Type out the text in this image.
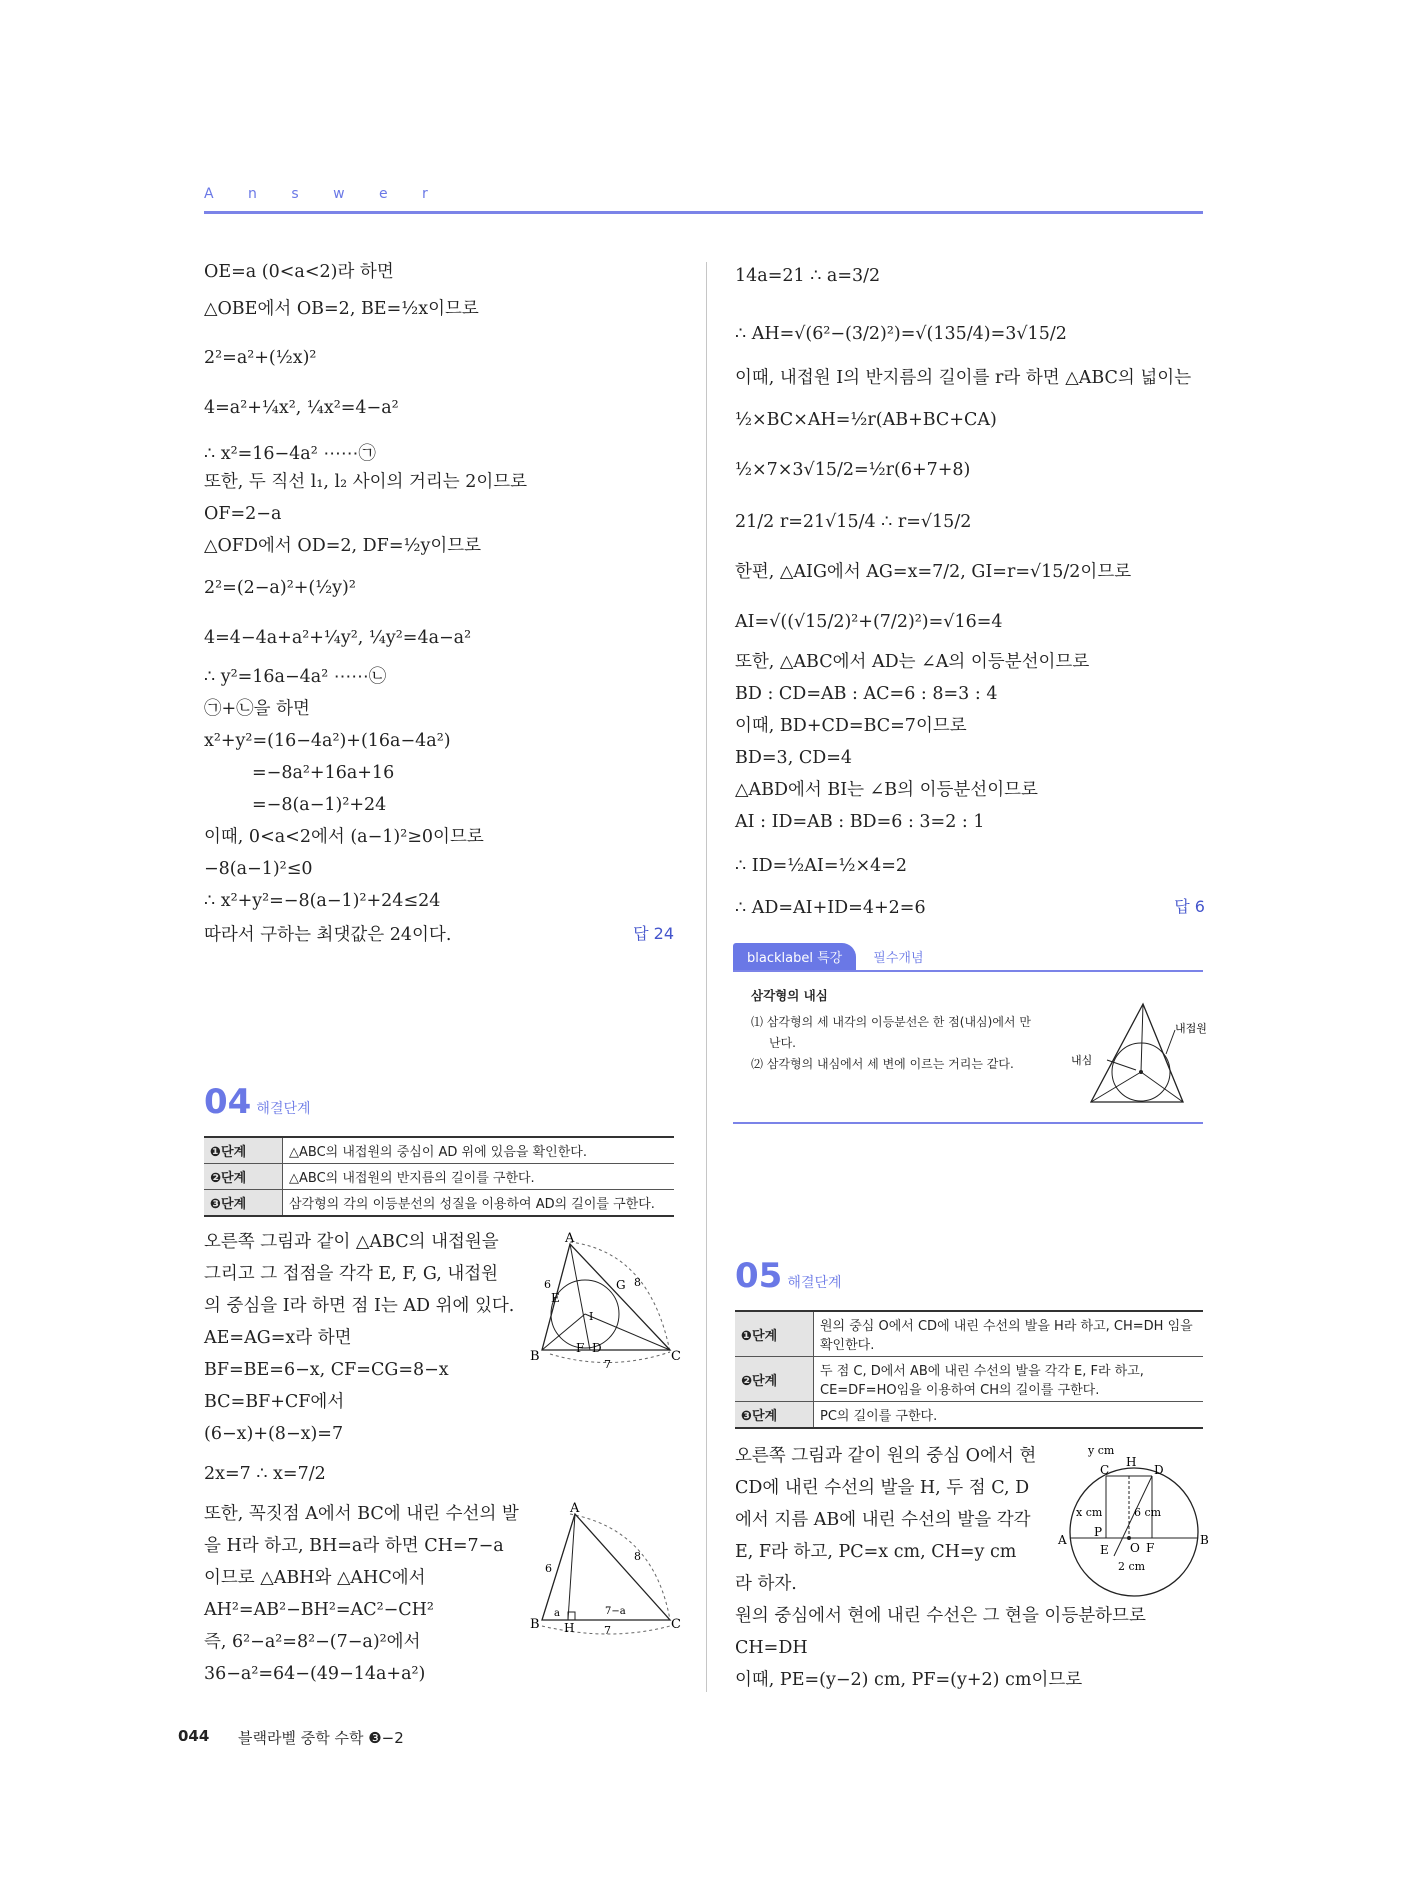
A n s w e r
OE=a (0<a<2)라 하면
△OBE에서 OB=2, BE=½x이므로
2²=a²+(½x)²
4=a²+¼x², ¼x²=4−a²
∴ x²=16−4a² ⋯⋯㉠
또한, 두 직선 l₁, l₂ 사이의 거리는 2이므로
OF=2−a
△OFD에서 OD=2, DF=½y이므로
2²=(2−a)²+(½y)²
4=4−4a+a²+¼y², ¼y²=4a−a²
∴ y²=16a−4a² ⋯⋯㉡
㉠+㉡을 하면
x²+y²=(16−4a²)+(16a−4a²)
=−8a²+16a+16
=−8(a−1)²+24
이때, 0<a<2에서 (a−1)²≥0이므로
−8(a−1)²≤0
∴ x²+y²=−8(a−1)²+24≤24
따라서 구하는 최댓값은 24이다.	답 24
04 해결단계
❶단계	△ABC의 내접원의 중심이 AD 위에 있음을 확인한다.
❷단계	△ABC의 내접원의 반지름의 길이를 구한다.
❸단계	삼각형의 각의 이등분선의 성질을 이용하여 AD의 길이를 구한다.
오른쪽 그림과 같이 △ABC의 내접원을
그리고 그 접점을 각각 E, F, G, 내접원
의 중심을 I라 하면 점 I는 AD 위에 있다.
AE=AG=x라 하면
BF=BE=6−x, CF=CG=8−x
BC=BF+CF에서
(6−x)+(8−x)=7
2x=7 ∴ x=7/2
또한, 꼭짓점 A에서 BC에 내린 수선의 발
을 H라 하고, BH=a라 하면 CH=7−a
이므로 △ABH와 △AHC에서
AH²=AB²−BH²=AC²−CH²
즉, 6²−a²=8²−(7−a)²에서
36−a²=64−(49−14a+a²)
A
B	C
E
F D
G
I
6	8
7
A
B	C
H
6
8
a	7−a
7
14a=21 ∴ a=3/2
∴ AH=√(6²−(3/2)²)=√(135/4)=3√15/2
이때, 내접원 I의 반지름의 길이를 r라 하면 △ABC의 넓이는
½×BC×AH=½r(AB+BC+CA)
½×7×3√15/2=½r(6+7+8)
21/2 r=21√15/4 ∴ r=√15/2
한편, △AIG에서 AG=x=7/2, GI=r=√15/2이므로
AI=√((√15/2)²+(7/2)²)=√16=4
또한, △ABC에서 AD는 ∠A의 이등분선이므로
BD : CD=AB : AC=6 : 8=3 : 4
이때, BD+CD=BC=7이므로
BD=3, CD=4
△ABD에서 BI는 ∠B의 이등분선이므로
AI : ID=AB : BD=6 : 3=2 : 1
∴ ID=½AI=½×4=2
∴ AD=AI+ID=4+2=6	답 6
blacklabel 특강 필수개념
삼각형의 내심
⑴ 삼각형의 세 내각의 이등분선은 한 점(내심)에서 만
난다.
⑵ 삼각형의 내심에서 세 변에 이르는 거리는 같다.
내접원
내심
05 해결단계
❶단계	원의 중심 O에서 CD에 내린 수선의 발을 H라 하고, CH=DH 임을 확인한다.
❷단계	두 점 C, D에서 AB에 내린 수선의 발을 각각 E, F라 하고, CE=DF=HO임을 이용하여 CH의 길이를 구한다.
❸단계	PC의 길이를 구한다.
오른쪽 그림과 같이 원의 중심 O에서 현
CD에 내린 수선의 발을 H, 두 점 C, D
에서 지름 AB에 내린 수선의 발을 각각
E, F라 하고, PC=x cm, CH=y cm
라 하자.
원의 중심에서 현에 내린 수선은 그 현을 이등분하므로
CH=DH
이때, PE=(y−2) cm, PF=(y+2) cm이므로
y cm
C
H
D
x cm	6 cm
P
A	B
E O F
2 cm
044 블랙라벨 중학 수학 ❸−2
